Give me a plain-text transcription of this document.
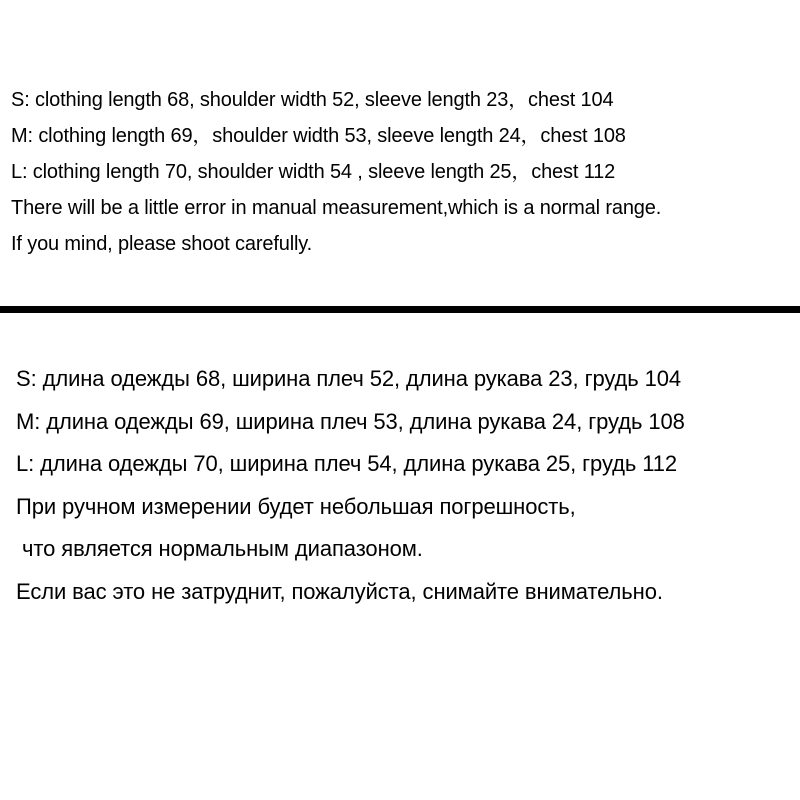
S: clothing length 68, shoulder width 52, sleeve length 23，chest 104
M: clothing length 69，shoulder width 53, sleeve length 24，chest 108
L: clothing length 70, shoulder width 54 , sleeve length 25，chest 112
There will be a little error in manual measurement,which is a normal range.
If you mind, please shoot carefully.
S: длина одежды 68, ширина плеч 52, длина рукава 23, грудь 104
M: длина одежды 69, ширина плеч 53, длина рукава 24, грудь 108
L: длина одежды 70, ширина плеч 54, длина рукава 25, грудь 112
При ручном измерении будет небольшая погрешность,
что является нормальным диапазоном.
Если вас это не затруднит, пожалуйста, снимайте внимательно.
